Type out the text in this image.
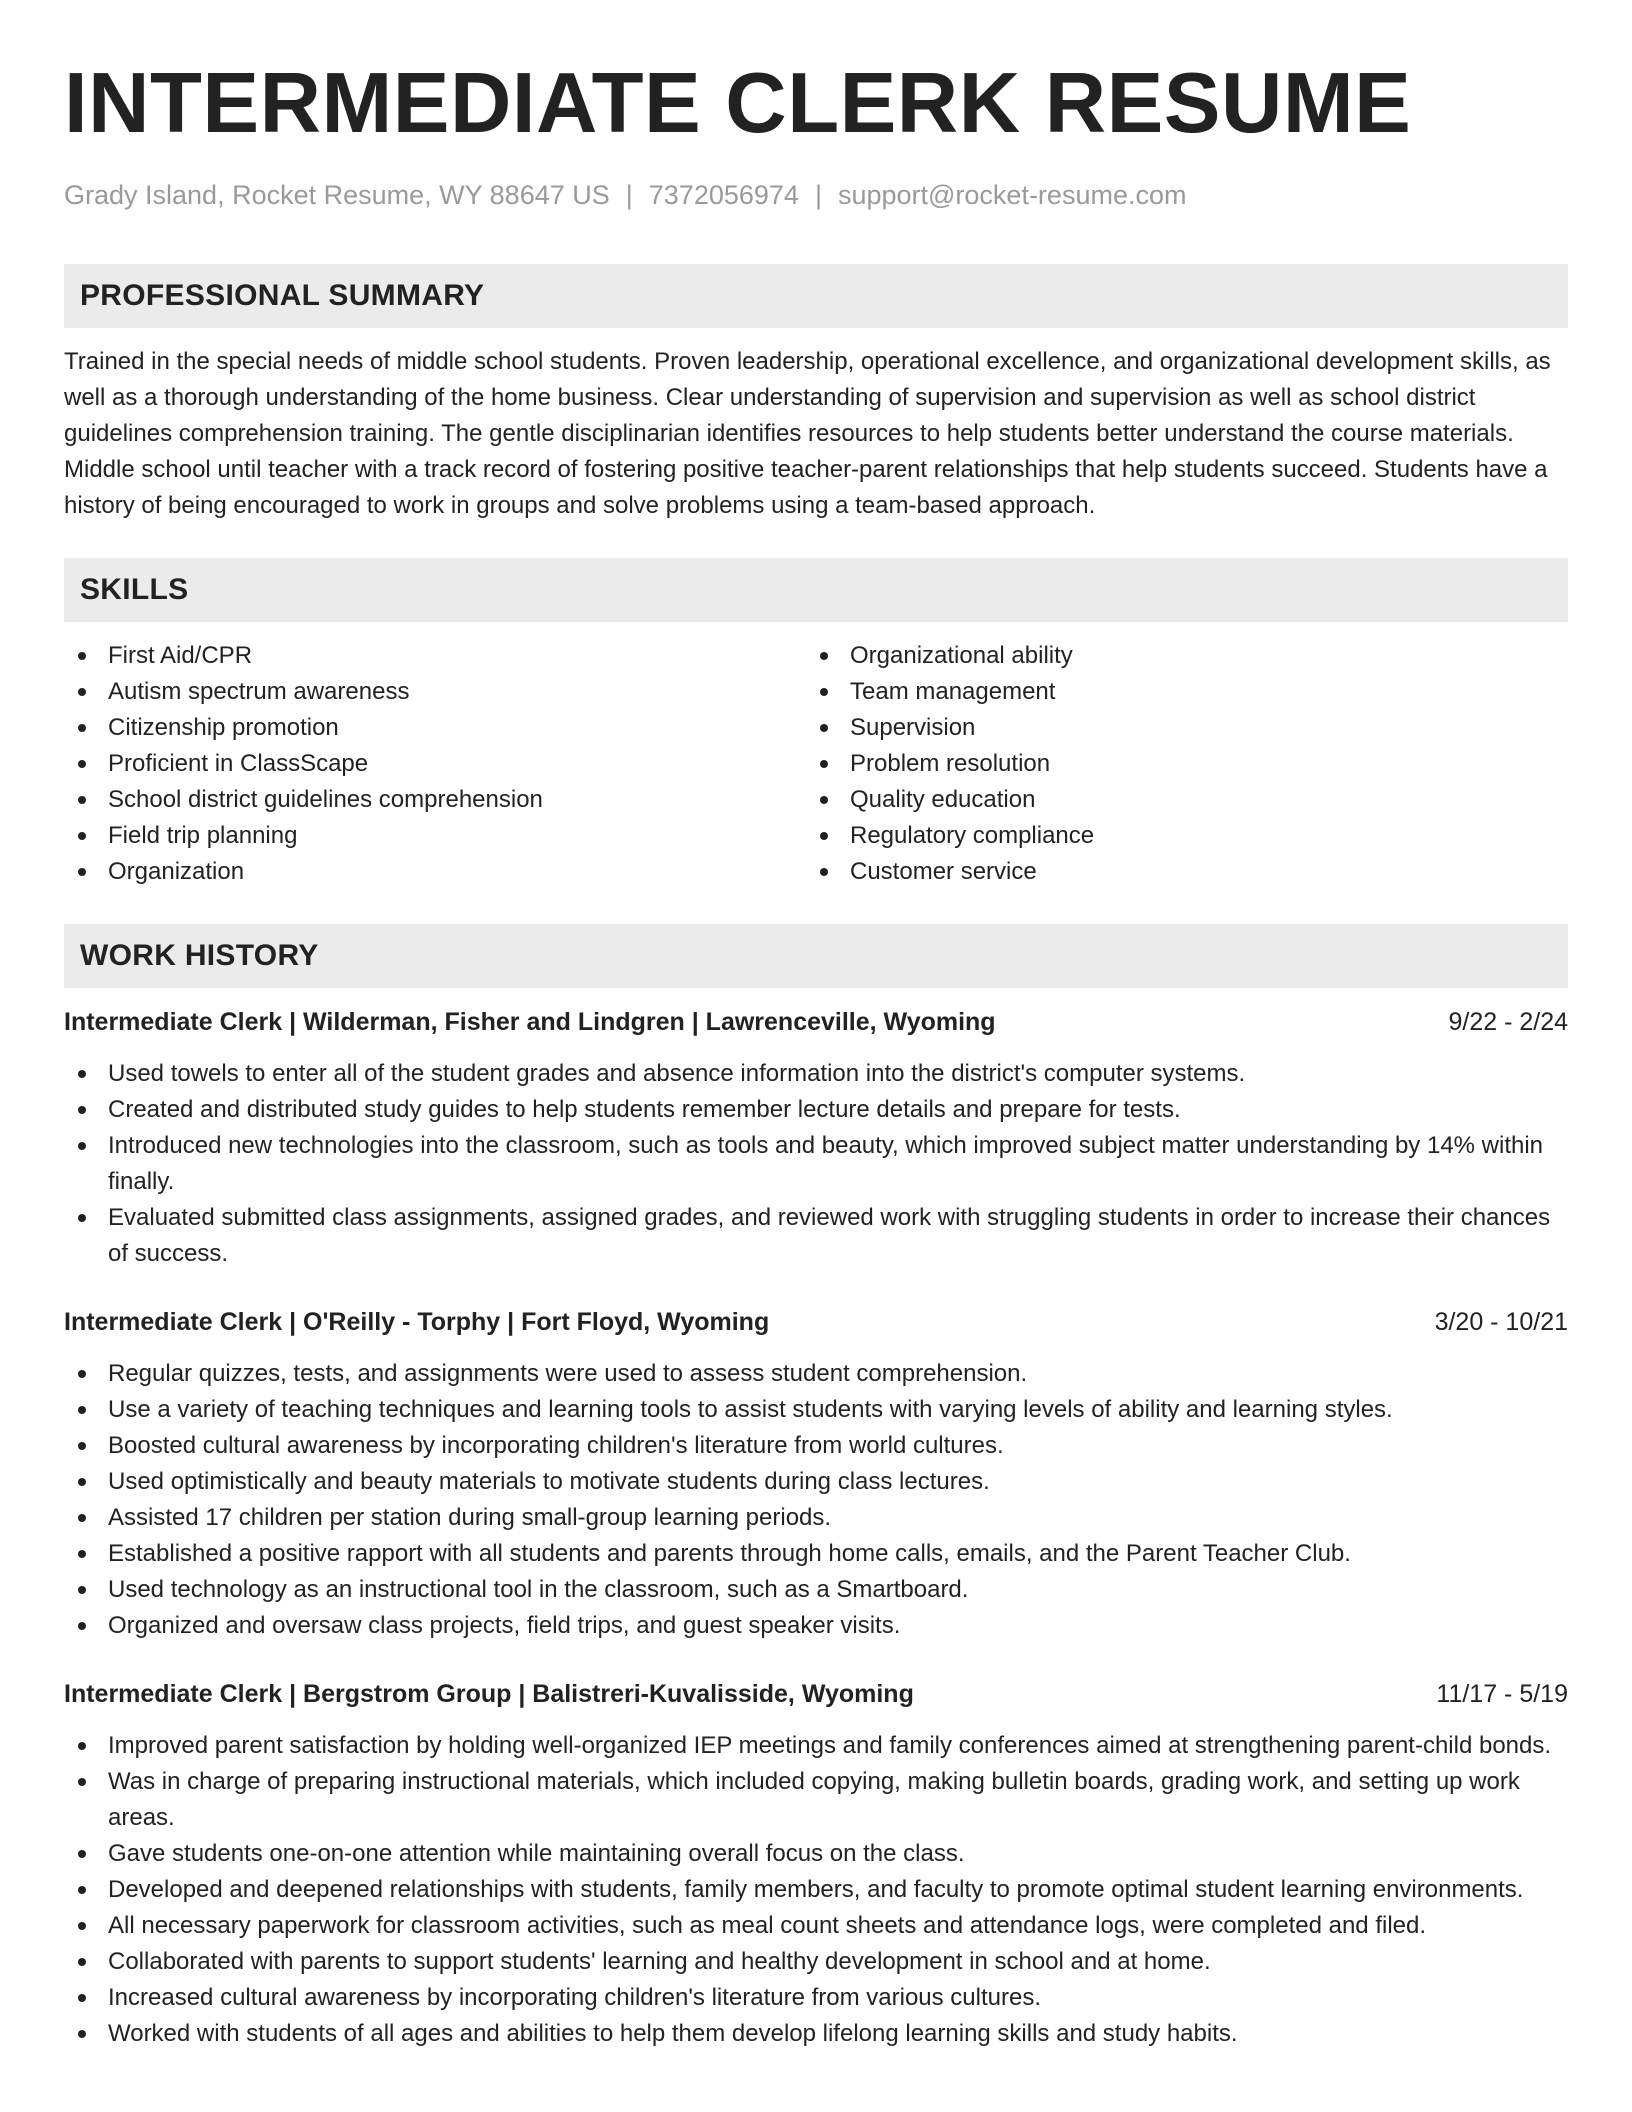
INTERMEDIATE CLERK RESUME
Grady Island, Rocket Resume, WY 88647 US | 7372056974 | support@rocket-resume.com
PROFESSIONAL SUMMARY

Trained in the special needs of middle school students. Proven leadership, operational excellence, and organizational development skills, as well as a thorough understanding of the home business. Clear understanding of supervision and supervision as well as school district guidelines comprehension training. The gentle disciplinarian identifies resources to help students better understand the course materials. Middle school until teacher with a track record of fostering positive teacher-parent relationships that help students succeed. Students have a history of being encouraged to work in groups and solve problems using a team-based approach.

SKILLS
First Aid/CPR
Autism spectrum awareness
Citizenship promotion
Proficient in ClassScape
School district guidelines comprehension
Field trip planning
Organization
Organizational ability
Team management
Supervision
Problem resolution
Quality education
Regulatory compliance
Customer service
WORK HISTORY
Intermediate Clerk | Wilderman, Fisher and Lindgren | Lawrenceville, Wyoming	9/22 - 2/24
Used towels to enter all of the student grades and absence information into the district's computer systems.
Created and distributed study guides to help students remember lecture details and prepare for tests.
Introduced new technologies into the classroom, such as tools and beauty, which improved subject matter understanding by 14% within finally.
Evaluated submitted class assignments, assigned grades, and reviewed work with struggling students in order to increase their chances of success.
Intermediate Clerk | O'Reilly - Torphy | Fort Floyd, Wyoming	3/20 - 10/21
Regular quizzes, tests, and assignments were used to assess student comprehension.
Use a variety of teaching techniques and learning tools to assist students with varying levels of ability and learning styles.
Boosted cultural awareness by incorporating children's literature from world cultures.
Used optimistically and beauty materials to motivate students during class lectures.
Assisted 17 children per station during small-group learning periods.
Established a positive rapport with all students and parents through home calls, emails, and the Parent Teacher Club.
Used technology as an instructional tool in the classroom, such as a Smartboard.
Organized and oversaw class projects, field trips, and guest speaker visits.
Intermediate Clerk | Bergstrom Group | Balistreri-Kuvalisside, Wyoming	11/17 - 5/19
Improved parent satisfaction by holding well-organized IEP meetings and family conferences aimed at strengthening parent-child bonds.
Was in charge of preparing instructional materials, which included copying, making bulletin boards, grading work, and setting up work areas.
Gave students one-on-one attention while maintaining overall focus on the class.
Developed and deepened relationships with students, family members, and faculty to promote optimal student learning environments.
All necessary paperwork for classroom activities, such as meal count sheets and attendance logs, were completed and filed.
Collaborated with parents to support students' learning and healthy development in school and at home.
Increased cultural awareness by incorporating children's literature from various cultures.
Worked with students of all ages and abilities to help them develop lifelong learning skills and study habits.
